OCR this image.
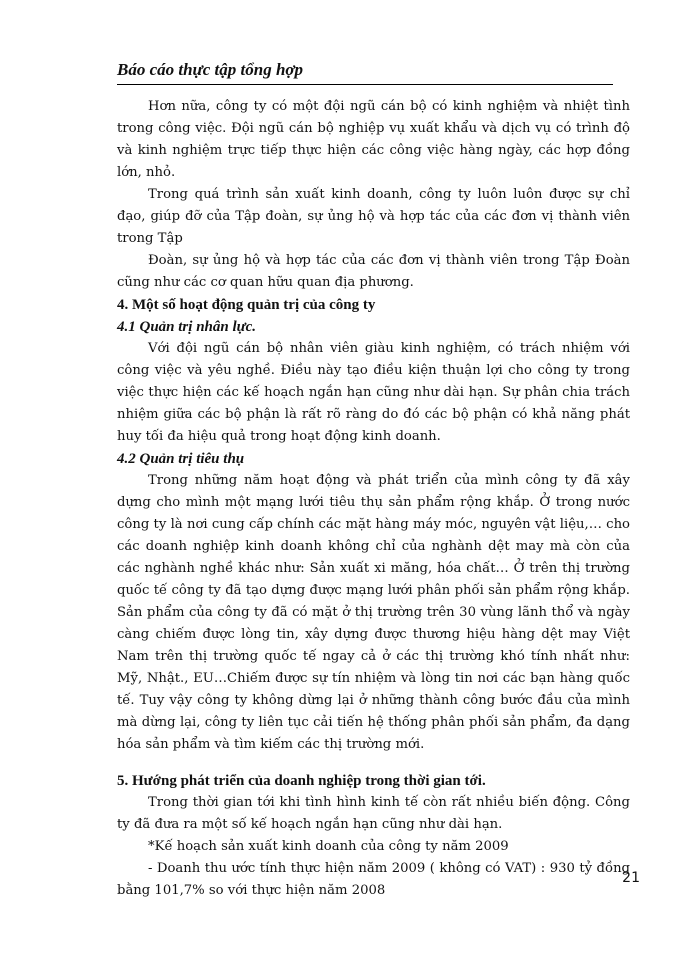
Báo cáo thực tập tổng hợp

Hơn nữa, công ty có một đội ngũ cán bộ có kinh nghiệm và nhiệt tình trong công việc. Đội ngũ cán bộ nghiệp vụ xuất khẩu và dịch vụ có trình độ và kinh nghiệm trực tiếp thực hiện các công việc hàng ngày, các hợp đồng lớn, nhỏ.

Trong quá trình sản xuất kinh doanh, công ty luôn luôn được sự chỉ đạo, giúp đỡ của Tập đoàn, sự ủng hộ và hợp tác của các đơn vị thành viên trong Tập

Đoàn, sự ủng hộ và hợp tác của các đơn vị thành viên trong Tập Đoàn cũng như các cơ quan hữu quan địa phương.

4. Một số hoạt động quản trị của công ty
4.1 Quản trị nhân lực.

Với đội ngũ cán bộ nhân viên giàu kinh nghiệm, có trách nhiệm với công việc và yêu nghề. Điều này tạo điều kiện thuận lợi cho công ty trong việc thực hiện các kế hoạch ngắn hạn cũng như dài hạn. Sự phân chia trách nhiệm giữa các bộ phận là rất rõ ràng do đó các bộ phận có khả năng phát huy tối đa hiệu quả trong hoạt động kinh doanh.

4.2 Quản trị tiêu thụ

Trong những năm hoạt động và phát triển của mình công ty đã xây dựng cho mình một mạng lưới tiêu thụ sản phẩm rộng khắp. Ở trong nước công ty là nơi cung cấp chính các mặt hàng máy móc, nguyên vật liệu,… cho các doanh nghiệp kinh doanh không chỉ của nghành dệt may mà còn của các nghành nghề khác như: Sản xuất xi măng, hóa chất… Ở trên thị trường quốc tế công ty đã tạo dựng được mạng lưới phân phối sản phẩm rộng khắp. Sản phẩm của công ty đã có mặt ở thị trường trên 30 vùng lãnh thổ và ngày càng chiếm được lòng tin, xây dựng được thương hiệu hàng dệt may Việt Nam trên thị trường quốc tế ngay cả ở các thị trường khó tính nhất như: Mỹ, Nhật., EU…Chiếm được sự tín nhiệm và lòng tin nơi các bạn hàng quốc tế. Tuy vậy công ty không dừng lại ở những thành công bước đầu của mình mà dừng lại, công ty liên tục cải tiến hệ thống phân phối sản phẩm, đa dạng hóa sản phẩm và tìm kiếm các thị trường mới.

5. Hướng phát triển của doanh nghiệp trong thời gian tới.

Trong thời gian tới khi tình hình kinh tế còn rất nhiều biến động. Công ty đã đưa ra một số kế hoạch ngắn hạn cũng như dài hạn.

*Kế hoạch sản xuất kinh doanh của công ty năm 2009

- Doanh thu ước tính thực hiện năm 2009 ( không có VAT) : 930 tỷ đồng bằng 101,7% so với thực hiện năm 2008

21
